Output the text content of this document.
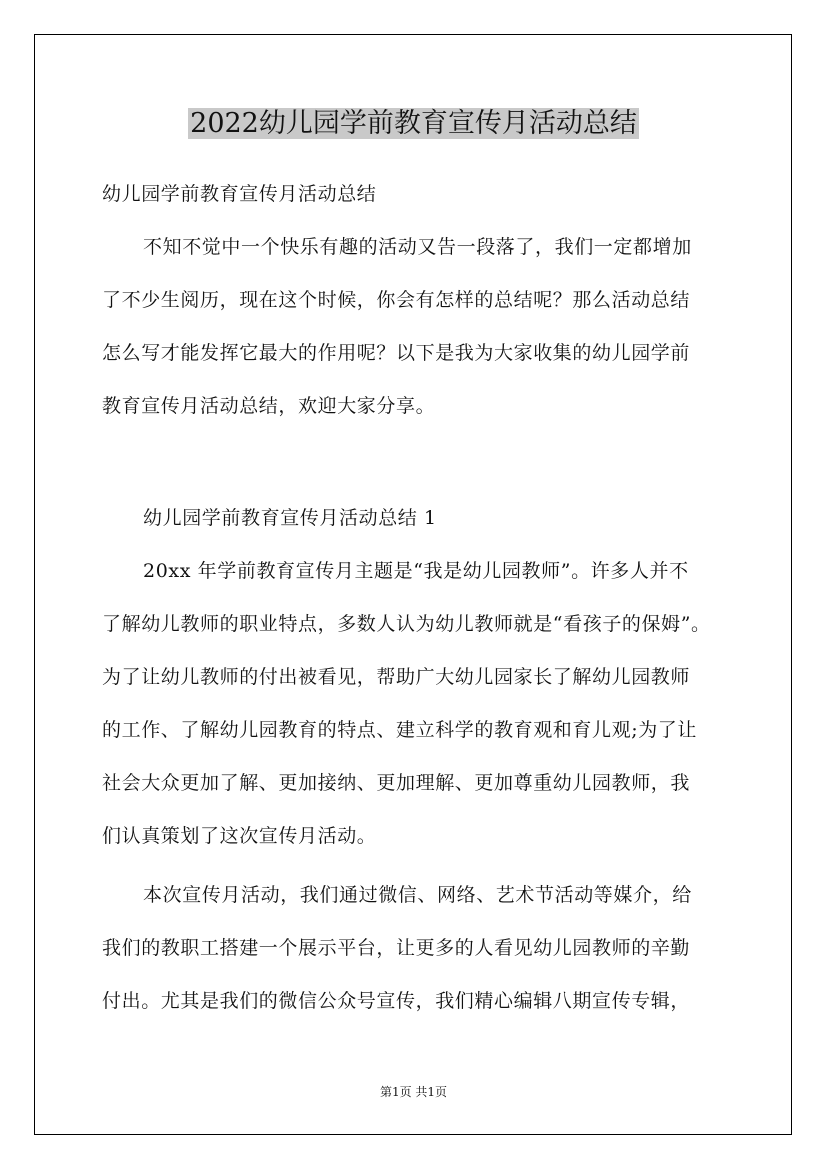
2022幼儿园学前教育宣传月活动总结
幼儿园学前教育宣传月活动总结
不知不觉中一个快乐有趣的活动又告一段落了，我们一定都增加
了不少生阅历，现在这个时候，你会有怎样的总结呢？那么活动总结
怎么写才能发挥它最大的作用呢？以下是我为大家收集的幼儿园学前
教育宣传月活动总结，欢迎大家分享。
幼儿园学前教育宣传月活动总结 1
20xx 年学前教育宣传月主题是“我是幼儿园教师”。许多人并不
了解幼儿教师的职业特点，多数人认为幼儿教师就是“看孩子的保姆”。
为了让幼儿教师的付出被看见，帮助广大幼儿园家长了解幼儿园教师
的工作、了解幼儿园教育的特点、建立科学的教育观和育儿观;为了让
社会大众更加了解、更加接纳、更加理解、更加尊重幼儿园教师，我
们认真策划了这次宣传月活动。
本次宣传月活动，我们通过微信、网络、艺术节活动等媒介，给
我们的教职工搭建一个展示平台，让更多的人看见幼儿园教师的辛勤
付出。尤其是我们的微信公众号宣传，我们精心编辑八期宣传专辑，
第1页 共1页
